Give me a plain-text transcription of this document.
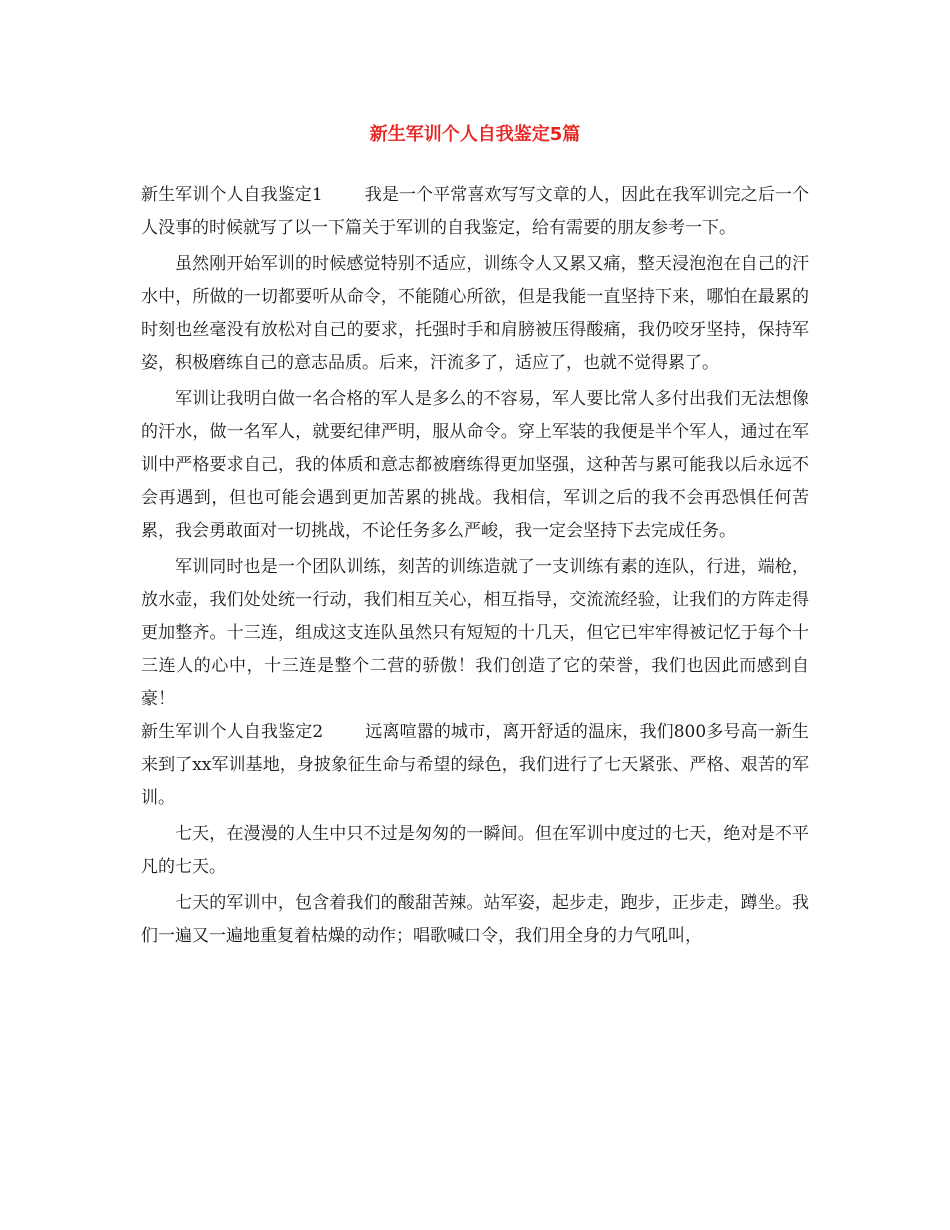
新生军训个人自我鉴定5篇

新生军训个人自我鉴定1 我是一个平常喜欢写写文章的人，因此在我军训完之后一个人没事的时候就写了以一下篇关于军训的自我鉴定，给有需要的朋友参考一下。

虽然刚开始军训的时候感觉特别不适应，训练令人又累又痛，整天浸泡泡在自己的汗水中，所做的一切都要听从命令，不能随心所欲，但是我能一直坚持下来，哪怕在最累的时刻也丝毫没有放松对自己的要求，托强时手和肩膀被压得酸痛，我仍咬牙坚持，保持军姿，积极磨练自己的意志品质。后来，汗流多了，适应了，也就不觉得累了。

军训让我明白做一名合格的军人是多么的不容易，军人要比常人多付出我们无法想像的汗水，做一名军人，就要纪律严明，服从命令。穿上军装的我便是半个军人，通过在军训中严格要求自己，我的体质和意志都被磨练得更加坚强，这种苦与累可能我以后永远不会再遇到，但也可能会遇到更加苦累的挑战。我相信，军训之后的我不会再恐惧任何苦累，我会勇敢面对一切挑战，不论任务多么严峻，我一定会坚持下去完成任务。

军训同时也是一个团队训练，刻苦的训练造就了一支训练有素的连队，行进，端枪，放水壶，我们处处统一行动，我们相互关心，相互指导，交流流经验，让我们的方阵走得更加整齐。十三连，组成这支连队虽然只有短短的十几天，但它已牢牢得被记忆于每个十三连人的心中，十三连是整个二营的骄傲！我们创造了它的荣誉，我们也因此而感到自豪！

新生军训个人自我鉴定2 远离喧嚣的城市，离开舒适的温床，我们800多号高一新生来到了xx军训基地，身披象征生命与希望的绿色，我们进行了七天紧张、严格、艰苦的军训。

七天，在漫漫的人生中只不过是匆匆的一瞬间。但在军训中度过的七天，绝对是不平凡的七天。

七天的军训中，包含着我们的酸甜苦辣。站军姿，起步走，跑步，正步走，蹲坐。我们一遍又一遍地重复着枯燥的动作；唱歌喊口令，我们用全身的力气吼叫，
